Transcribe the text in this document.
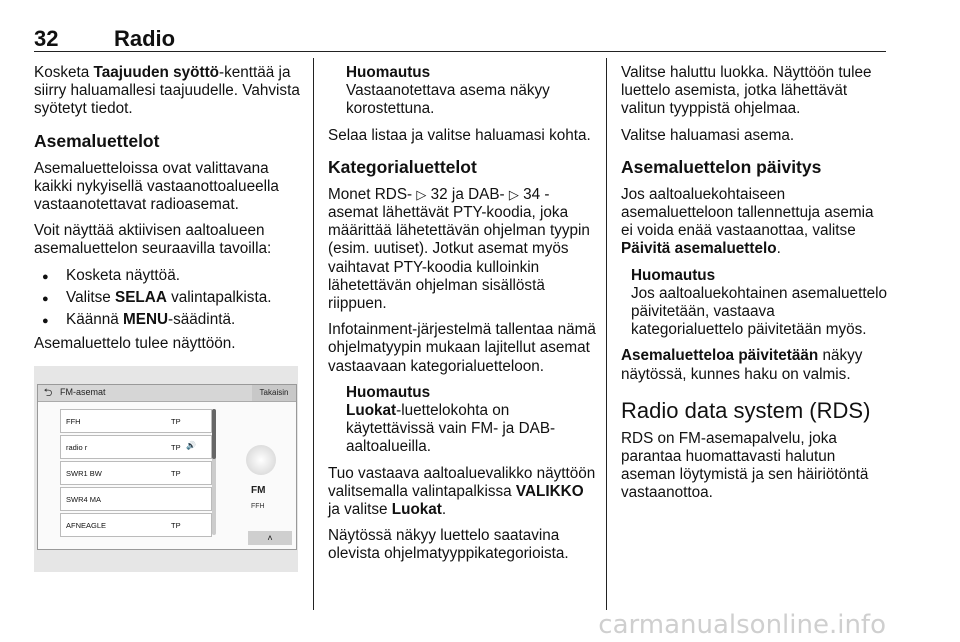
32	Radio

Kosketa Taajuuden syöttö-kenttää ja siirry haluamallesi taajuudelle. Vahvista syötetyt tiedot.

Asemaluettelot

Asemaluetteloissa ovat valittavana kaikki nykyisellä vastaanottoalueella vastaanotettavat radioasemat.

Voit näyttää aktiivisen aaltoalueen asemaluettelon seuraavilla tavoilla:

● Kosketa näyttöä.
● Valitse SELAA valintapalkista.
● Käännä MENU-säädintä.

Asemaluettelo tulee näyttöön.

⮌ FM-asemat	Takaisin
FFH	TP
radio r	TP 🔊
SWR1 BW	TP
SWR4 MA
AFNEAGLE	TP
FM
FFH
˄
Huomautus
Vastaanotettava asema näkyy korostettuna.

Selaa listaa ja valitse haluamasi kohta.

Kategorialuettelot

Monet RDS- ▷ 32 ja DAB- ▷ 34 - asemat lähettävät PTY-koodia, joka määrittää lähetettävän ohjelman tyypin (esim. uutiset). Jotkut asemat myös vaihtavat PTY-koodia kulloinkin lähetettävän ohjelman sisällöstä riippuen.

Infotainment-järjestelmä tallentaa nämä ohjelmatyypin mukaan lajitellut asemat vastaavaan kategorialuetteloon.

Huomautus
Luokat-luettelokohta on käytettävissä vain FM- ja DAB-aaltoalueilla.

Tuo vastaava aaltoaluevalikko näyttöön valitsemalla valintapalkissa VALIKKO ja valitse Luokat.

Näytössä näkyy luettelo saatavina olevista ohjelmatyyppikategorioista.

Valitse haluttu luokka. Näyttöön tulee luettelo asemista, jotka lähettävät valitun tyyppistä ohjelmaa.

Valitse haluamasi asema.

Asemaluettelon päivitys

Jos aaltoaluekohtaiseen asemaluetteloon tallennettuja asemia ei voida enää vastaanottaa, valitse Päivitä asemaluettelo.

Huomautus
Jos aaltoaluekohtainen asemaluettelo päivitetään, vastaava kategorialuettelo päivitetään myös.

Asemaluetteloa päivitetään näkyy näytössä, kunnes haku on valmis.

Radio data system (RDS)

RDS on FM-asemapalvelu, joka parantaa huomattavasti halutun aseman löytymistä ja sen häiriötöntä vastaanottoa.

carmanualsonline.info
